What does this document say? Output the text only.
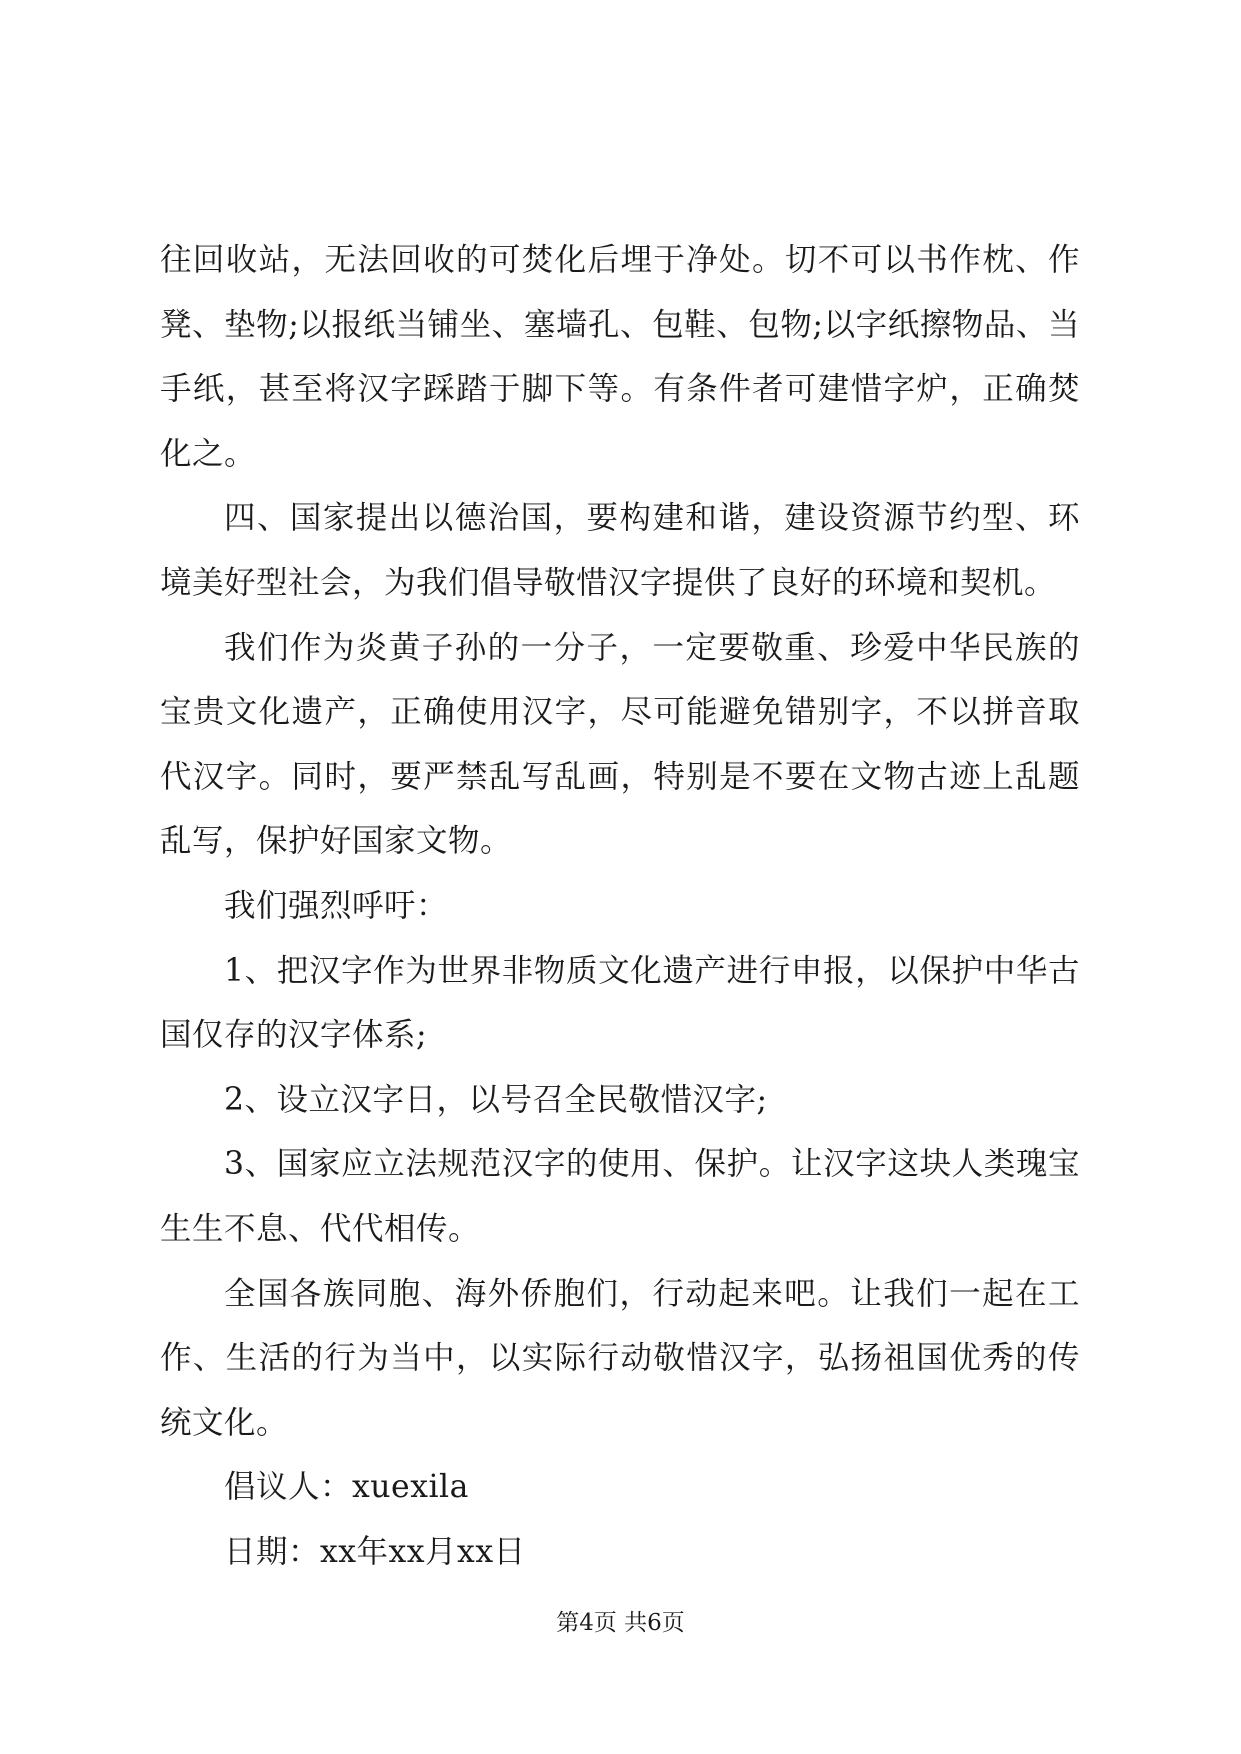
往回收站，无法回收的可焚化后埋于净处。切不可以书作枕、作凳、垫物;以报纸当铺坐、塞墙孔、包鞋、包物;以字纸擦物品、当手纸，甚至将汉字踩踏于脚下等。有条件者可建惜字炉，正确焚化之。

四、国家提出以德治国，要构建和谐，建设资源节约型、环境美好型社会，为我们倡导敬惜汉字提供了良好的环境和契机。

我们作为炎黄子孙的一分子，一定要敬重、珍爱中华民族的宝贵文化遗产，正确使用汉字，尽可能避免错别字，不以拼音取代汉字。同时，要严禁乱写乱画，特别是不要在文物古迹上乱题乱写，保护好国家文物。

我们强烈呼吁：

1、把汉字作为世界非物质文化遗产进行申报，以保护中华古国仅存的汉字体系;

2、设立汉字日，以号召全民敬惜汉字;

3、国家应立法规范汉字的使用、保护。让汉字这块人类瑰宝生生不息、代代相传。

全国各族同胞、海外侨胞们，行动起来吧。让我们一起在工作、生活的行为当中，以实际行动敬惜汉字，弘扬祖国优秀的传统文化。

倡议人：xuexila

日期：xx年xx月xx日

第4页 共6页
